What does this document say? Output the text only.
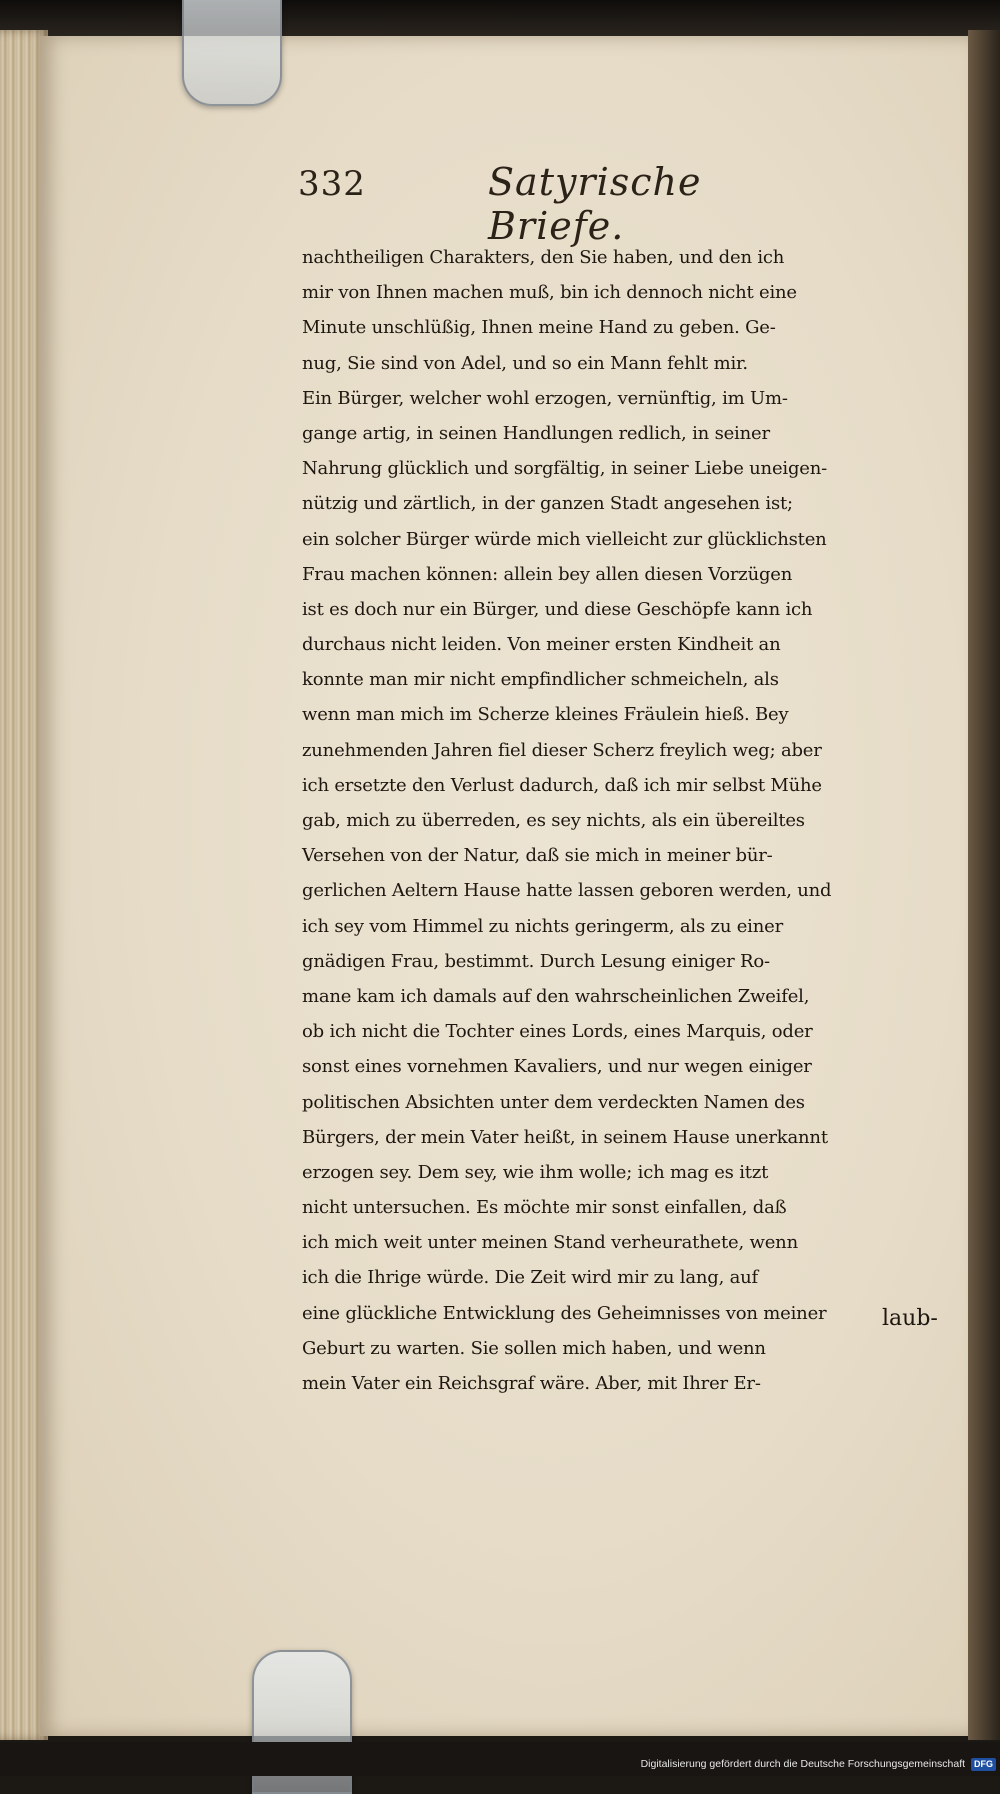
332	Satyrische Briefe.
nachtheiligen Charakters, den Sie haben, und den ich
mir von Ihnen machen muß, bin ich dennoch nicht eine
Minute unschlüßig, Ihnen meine Hand zu geben. Ge-
nug, Sie sind von Adel, und so ein Mann fehlt mir.
Ein Bürger, welcher wohl erzogen, vernünftig, im Um-
gange artig, in seinen Handlungen redlich, in seiner
Nahrung glücklich und sorgfältig, in seiner Liebe uneigen-
nützig und zärtlich, in der ganzen Stadt angesehen ist;
ein solcher Bürger würde mich vielleicht zur glücklichsten
Frau machen können: allein bey allen diesen Vorzügen
ist es doch nur ein Bürger, und diese Geschöpfe kann ich
durchaus nicht leiden. Von meiner ersten Kindheit an
konnte man mir nicht empfindlicher schmeicheln, als
wenn man mich im Scherze kleines Fräulein hieß. Bey
zunehmenden Jahren fiel dieser Scherz freylich weg; aber
ich ersetzte den Verlust dadurch, daß ich mir selbst Mühe
gab, mich zu überreden, es sey nichts, als ein übereiltes
Versehen von der Natur, daß sie mich in meiner bür-
gerlichen Aeltern Hause hatte lassen geboren werden, und
ich sey vom Himmel zu nichts geringerm, als zu einer
gnädigen Frau, bestimmt. Durch Lesung einiger Ro-
mane kam ich damals auf den wahrscheinlichen Zweifel,
ob ich nicht die Tochter eines Lords, eines Marquis, oder
sonst eines vornehmen Kavaliers, und nur wegen einiger
politischen Absichten unter dem verdeckten Namen des
Bürgers, der mein Vater heißt, in seinem Hause unerkannt
erzogen sey. Dem sey, wie ihm wolle; ich mag es itzt
nicht untersuchen. Es möchte mir sonst einfallen, daß
ich mich weit unter meinen Stand verheurathete, wenn
ich die Ihrige würde. Die Zeit wird mir zu lang, auf
eine glückliche Entwicklung des Geheimnisses von meiner
Geburt zu warten. Sie sollen mich haben, und wenn
mein Vater ein Reichsgraf wäre. Aber, mit Ihrer Er-
laub-
Digitalisierung gefördert durch die Deutsche Forschungsgemeinschaft DFG
